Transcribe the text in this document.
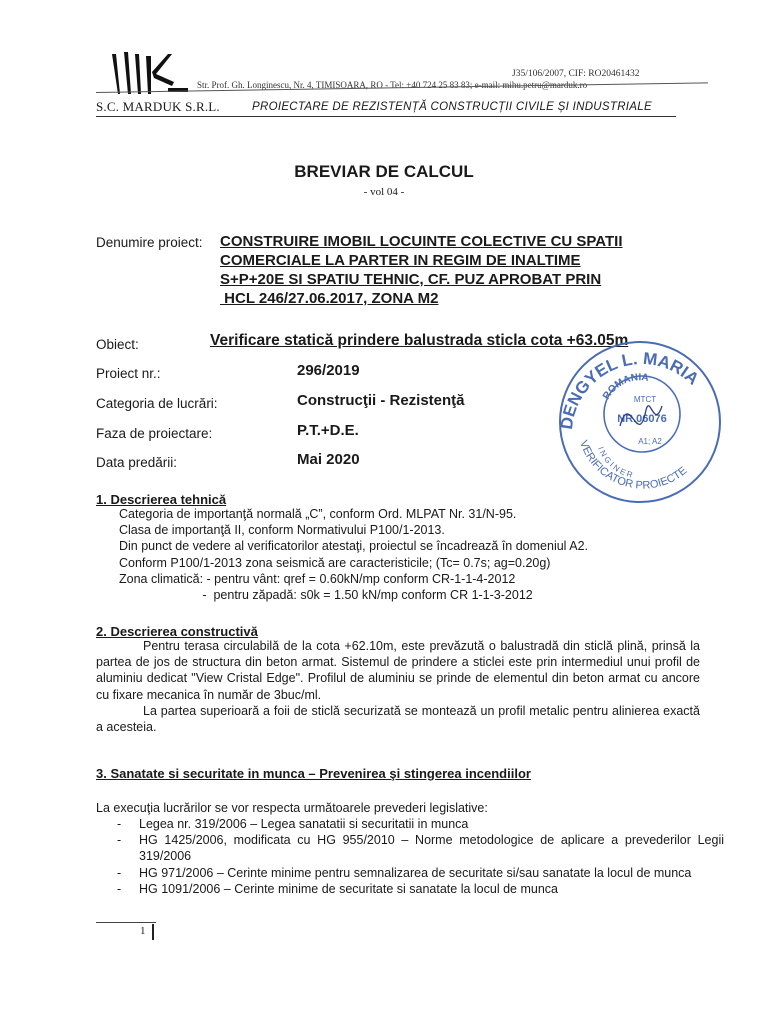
J35/106/2007, CIF: RO20461432
Str. Prof. Gh. Longinescu, Nr. 4, TIMISOARA, RO - Tel: +40 724 25 83 83; e-mail: mihu.petru@marduk.ro
S.C. MARDUK S.R.L.	PROIECTARE DE REZISTENȚĂ CONSTRUCȚII CIVILE ȘI INDUSTRIALE
BREVIAR DE CALCUL
- vol 04 -
Denumire proiect: CONSTRUIRE IMOBIL LOCUINTE COLECTIVE CU SPATII
COMERCIALE LA PARTER IN REGIM DE INALTIME
S+P+20E SI SPATIU TEHNIC, CF. PUZ APROBAT PRIN
HCL 246/27.06.2017, ZONA M2
Obiect:	Verificare statică prindere balustrada sticla cota +63.05m
Proiect nr.:	296/2019
Categoria de lucrări:	Construcţii - Rezistenţă
Faza de proiectare:	P.T.+D.E.
Data predării:	Mai 2020
DENGYEL L. MARIA
VERIFICATOR PROIECTE
I N G I N E R
ROMANIA
MTCT
NR.06076
A1; A2
1. Descrierea tehnică
Categoria de importanţă normală „C”, conform Ord. MLPAT Nr. 31/N-95.
Clasa de importanţă II, conform Normativului P100/1-2013.
Din punct de vedere al verificatorilor atestaţi, proiectul se încadrează în domeniul A2.
Conform P100/1-2013 zona seismică are caracteristicile; (Tc= 0.7s; ag=0.20g)
Zona climatică: - pentru vânt: qref = 0.60kN/mp conform CR-1-1-4-2012
-  pentru zăpadă: s0k = 1.50 kN/mp conform CR 1-1-3-2012
2. Descrierea constructivă

Pentru terasa circulabilă de la cota +62.10m, este prevăzută o balustradă din sticlă plină, prinsă la partea de jos de structura din beton armat. Sistemul de prindere a sticlei este prin intermediul unui profil de aluminiu dedicat "View Cristal Edge". Profilul de aluminiu se prinde de elementul din beton armat cu ancore cu fixare mecanica în număr de 3buc/ml.

La partea superioară a foii de sticlă securizată se montează un profil metalic pentru alinierea exactă a acesteia.

3. Sanatate si securitate in munca – Prevenirea şi stingerea incendiilor
La execuţia lucrărilor se vor respecta următoarele prevederi legislative:
- Legea nr. 319/2006 – Legea sanatatii si securitatii in munca
- HG 1425/2006, modificata cu HG 955/2010 – Norme metodologice de aplicare a prevederilor Legii 319/2006
- HG 971/2006 – Cerinte minime pentru semnalizarea de securitate si/sau sanatate la locul de munca
- HG 1091/2006 – Cerinte minime de securitate si sanatate la locul de munca
1
